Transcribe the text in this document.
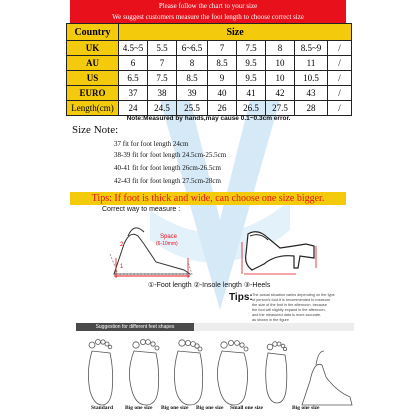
Please follow the chart to your size
We suggest customers measure the foot length to choose correct size
Country	Size							
UK	4.5~5	5.5	6~6.5	7	7.5	8	8.5~9	/
AU	6	7	8	8.5	9.5	10	11	/
US	6.5	7.5	8.5	9	9.5	10	10.5	/
EURO	37	38	39	40	41	42	43	/
Length(cm)	24	24.5	25.5	26	26.5	27.5	28	/
Note:Measured by hands,may cause 0.1~0.3cm error.
Size Note:
37 fit for foot length 24cm
38-39 fit for foot length 24.5cm-25.5cm
40-41 fit for foot length 26cm-26.5cm
42-43 fit for foot length 27.5cm-28cm
Tips: If foot is thick and wide, can choose one size bigger.
Correct way to measure :
1
2
Space
(6-10mm)
①-Foot length ②-Insole length ③-Heels
Tips: The actual situation varies depending on the type
of person's foot.It is recommended to measure
the size of the foot in the afternoon, because
the foot will slightly expand in the afternoon,
and the measured data is more accurate.
as shown in the figure
Suggestion for different feet shapes
Standard Big one size Big one size Big one size Small one size	Big one size
